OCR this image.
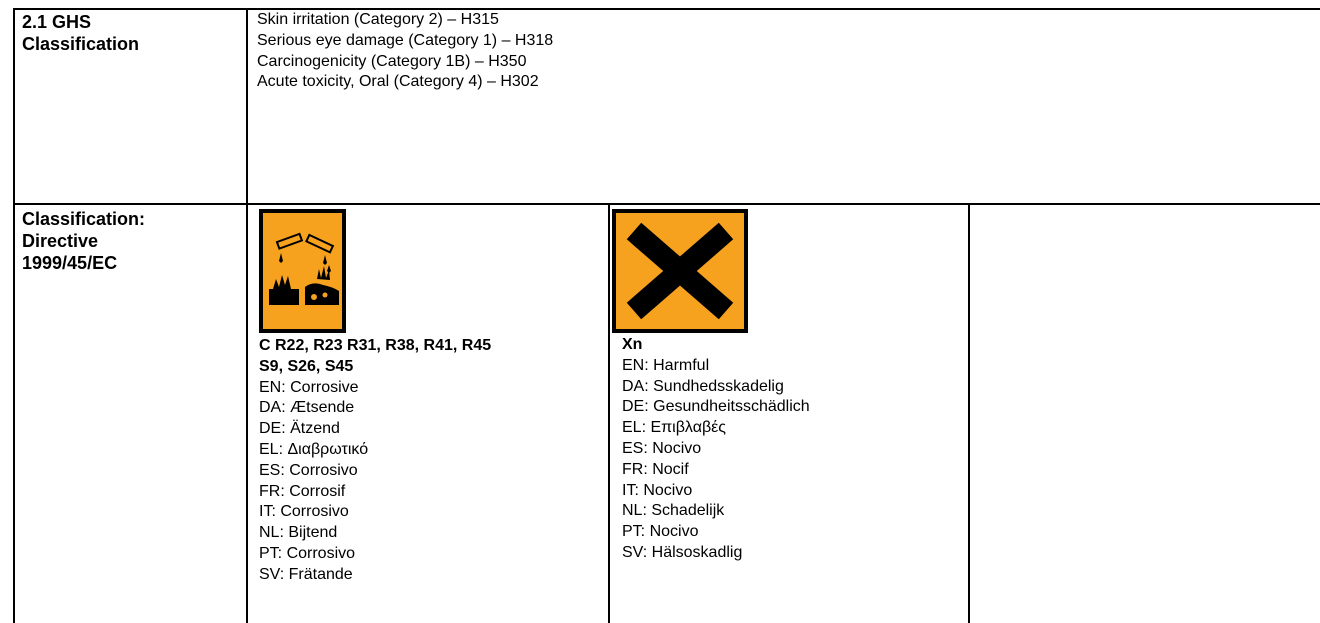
2.1 GHS
Classification
Skin irritation (Category 2) – H315
Serious eye damage (Category 1) – H318
Carcinogenicity (Category 1B) – H350
Acute toxicity, Oral (Category 4) – H302
Classification:
Directive
1999/45/EC
C R22, R23 R31, R38, R41, R45
S9, S26, S45
EN: Corrosive
DA: Ætsende
DE: Ätzend
EL: Διαβρωτικό
ES: Corrosivo
FR: Corrosif
IT: Corrosivo
NL: Bijtend
PT: Corrosivo
SV: Frätande
Xn
EN: Harmful
DA: Sundhedsskadelig
DE: Gesundheitsschädlich
EL: Επιβλαβές
ES: Nocivo
FR: Nocif
IT: Nocivo
NL: Schadelijk
PT: Nocivo
SV: Hälsoskadlig
